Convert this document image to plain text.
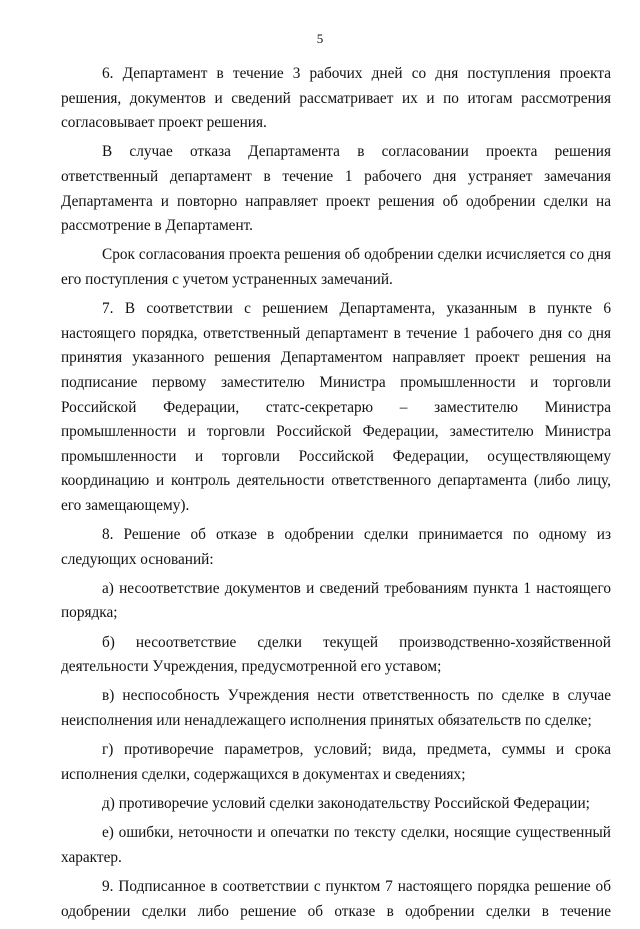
5

6. Департамент в течение 3 рабочих дней со дня поступления проекта решения, документов и сведений рассматривает их и по итогам рассмотрения согласовывает проект решения.

В случае отказа Департамента в согласовании проекта решения ответственный департамент в течение 1 рабочего дня устраняет замечания Департамента и повторно направляет проект решения об одобрении сделки на рассмотрение в Департамент.

Срок согласования проекта решения об одобрении сделки исчисляется со дня его поступления с учетом устраненных замечаний.

7. В соответствии с решением Департамента, указанным в пункте 6 настоящего порядка, ответственный департамент в течение 1 рабочего дня со дня принятия указанного решения Департаментом направляет проект решения на подписание первому заместителю Министра промышленности и торговли Российской Федерации, статс-секретарю – заместителю Министра промышленности и торговли Российской Федерации, заместителю Министра промышленности и торговли Российской Федерации, осуществляющему координацию и контроль деятельности ответственного департамента (либо лицу, его замещающему).

8. Решение об отказе в одобрении сделки принимается по одному из следующих оснований:

а) несоответствие документов и сведений требованиям пункта 1 настоящего порядка;

б) несоответствие сделки текущей производственно-хозяйственной деятельности Учреждения, предусмотренной его уставом;

в) неспособность Учреждения нести ответственность по сделке в случае неисполнения или ненадлежащего исполнения принятых обязательств по сделке;

г) противоречие параметров, условий; вида, предмета, суммы и срока исполнения сделки, содержащихся в документах и сведениях;

д) противоречие условий сделки законодательству Российской Федерации;

е) ошибки, неточности и опечатки по тексту сделки, носящие существенный характер.

9. Подписанное в соответствии с пунктом 7 настоящего порядка решение об одобрении сделки либо решение об отказе в одобрении сделки в течение
